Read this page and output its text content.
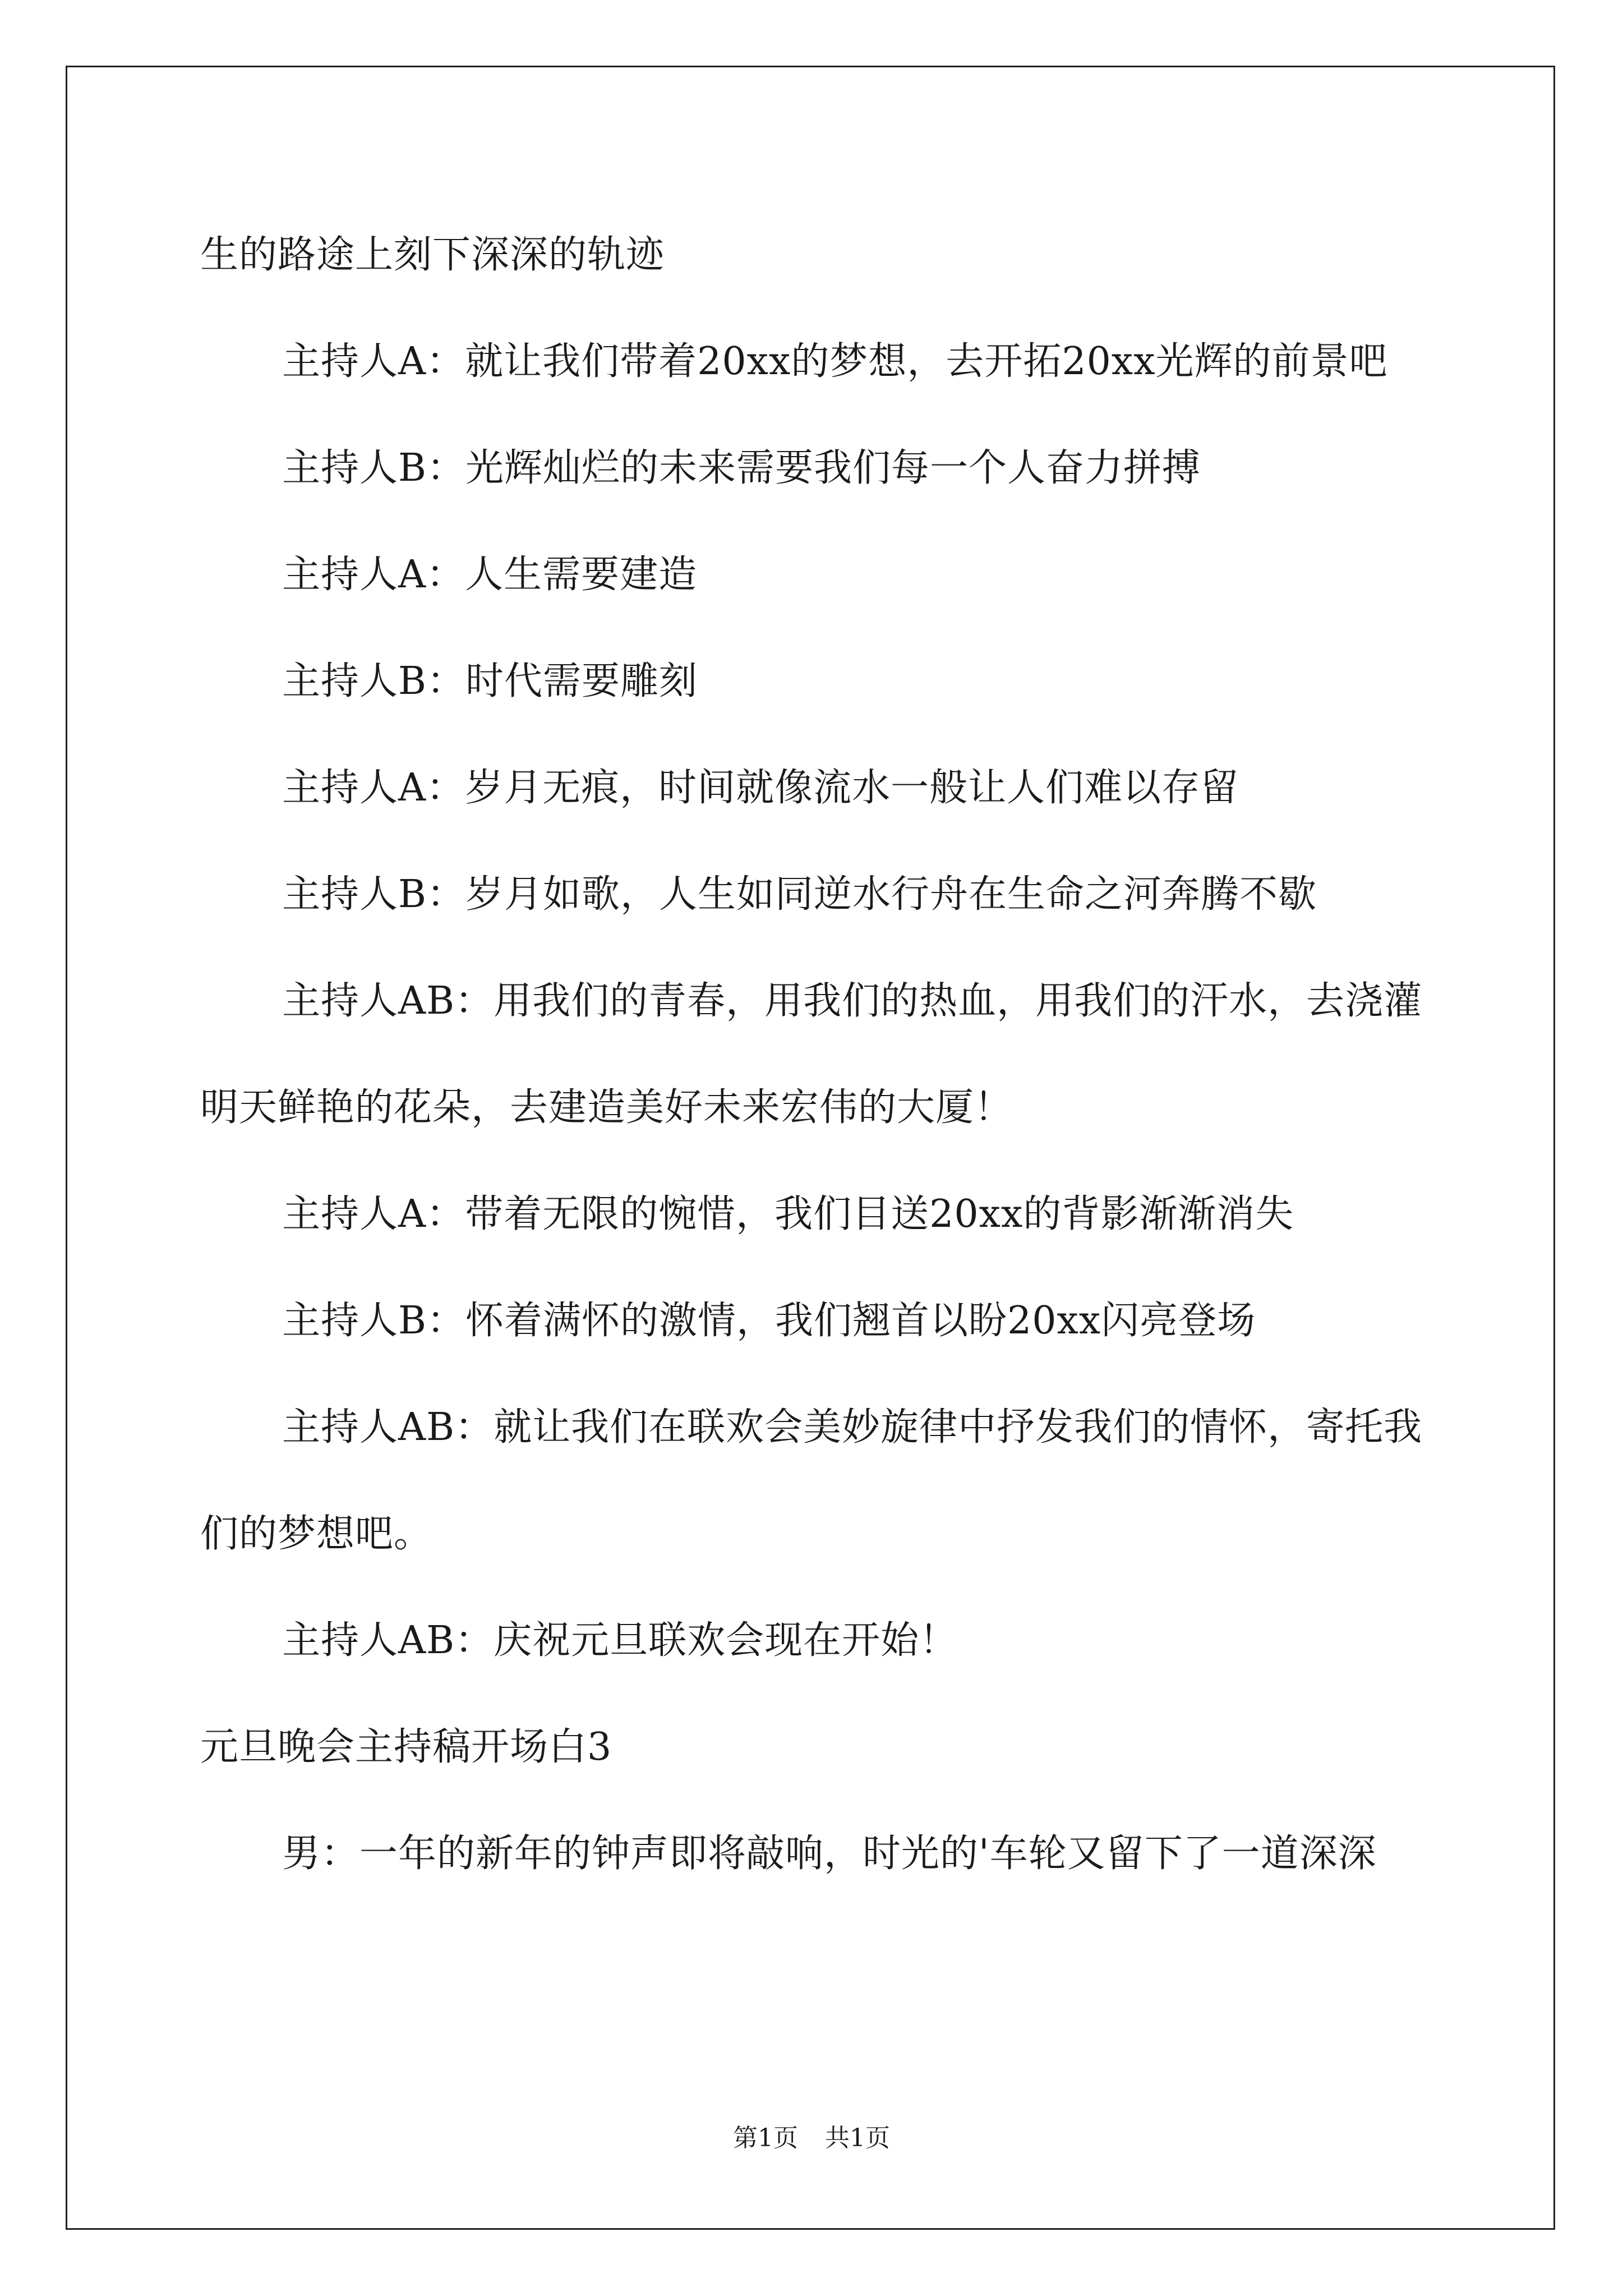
生的路途上刻下深深的轨迹

主持人A：就让我们带着20xx的梦想，去开拓20xx光辉的前景吧

主持人B：光辉灿烂的未来需要我们每一个人奋力拼搏

主持人A：人生需要建造

主持人B：时代需要雕刻

主持人A：岁月无痕，时间就像流水一般让人们难以存留

主持人B：岁月如歌，人生如同逆水行舟在生命之河奔腾不歇

主持人AB：用我们的青春，用我们的热血，用我们的汗水，去浇灌明天鲜艳的花朵，去建造美好未来宏伟的大厦！

主持人A：带着无限的惋惜，我们目送20xx的背影渐渐消失

主持人B：怀着满怀的激情，我们翘首以盼20xx闪亮登场

主持人AB：就让我们在联欢会美妙旋律中抒发我们的情怀，寄托我们的梦想吧。

主持人AB：庆祝元旦联欢会现在开始！

元旦晚会主持稿开场白3

男：一年的新年的钟声即将敲响，时光的'车轮又留下了一道深深

第1页 共1页
